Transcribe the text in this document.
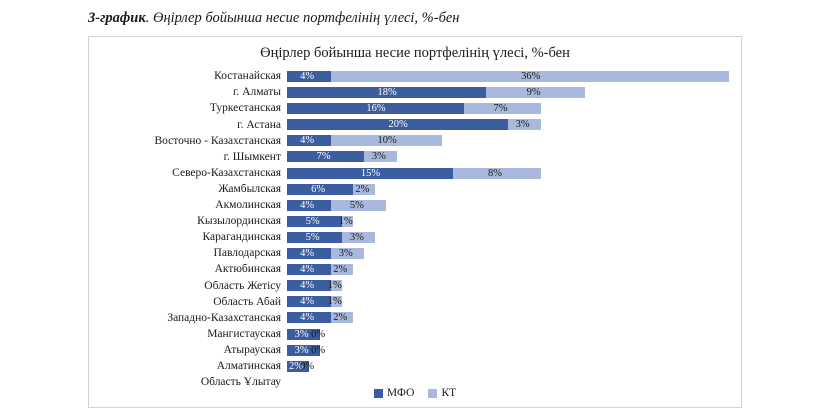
3-график. Өңірлер бойынша несие портфелінің үлесі, %-бен
Өңірлер бойынша несие портфелінің үлесі, %-бен
Костанайская	4%	36%
г. Алматы	18%	9%
Туркестанская	16%	7%
г. Астана	20%	3%
Восточно - Казахстанская	4%	10%
г. Шымкент	7%	3%
Северо-Казахстанская	15%	8%
Жамбылская	6%	2%
Акмолинская	4%	5%
Кызылординская	5% 1%
Карагандинская	5%	3%
Павлодарская	4% 3%
Актюбинская	4% 2%
Область Жетісу	4% 1%
Область Абай	4% 1%
Западно-Казахстанская	4% 2%
Мангистауская	3% 0%
Атырауская	3% 0%
Алматинская 2%
0%
Область Ұлытау 0%
МФО КТ
